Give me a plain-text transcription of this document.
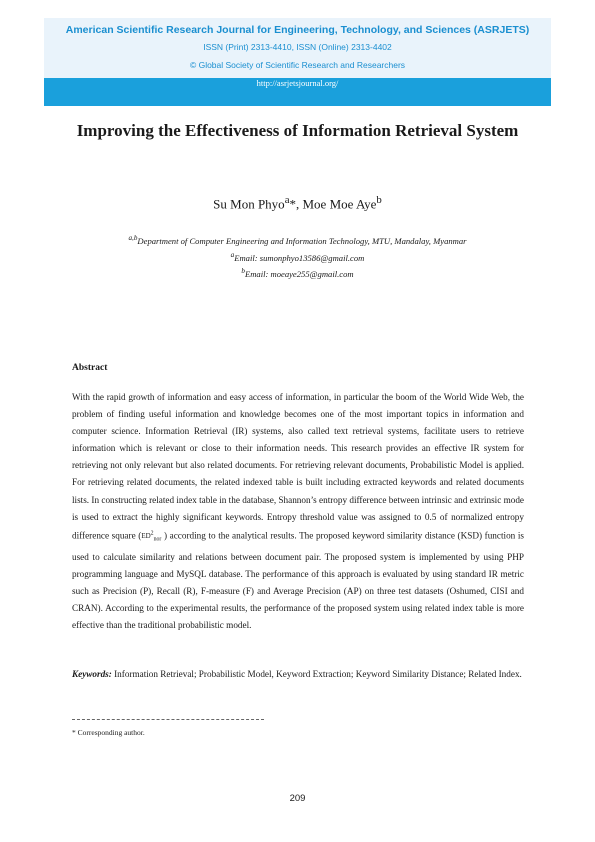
American Scientific Research Journal for Engineering, Technology, and Sciences (ASRJETS)
ISSN (Print) 2313-4410, ISSN (Online) 2313-4402
© Global Society of Scientific Research and Researchers
http://asrjetsjournal.org/
Improving the Effectiveness of Information Retrieval System
Su Mon Phyo$^a$*, Moe Moe Aye$^b$
$^{a,b}$Department of Computer Engineering and Information Technology, MTU, Mandalay, Myanmar
$^a$Email: sumonphyo13586@gmail.com
$^b$Email: moeaye255@gmail.com
Abstract

With the rapid growth of information and easy access of information, in particular the boom of the World Wide Web, the problem of finding useful information and knowledge becomes one of the most important topics in information and computer science. Information Retrieval (IR) systems, also called text retrieval systems, facilitate users to retrieve information which is relevant or close to their information needs. This research provides an effective IR system for retrieving not only relevant but also related documents. For retrieving relevant documents, Probabilistic Model is applied. For retrieving related documents, the related indexed table is built including extracted keywords and related documents lists. In constructing related index table in the database, Shannon’s entropy difference between intrinsic and extrinsic mode is used to extract the highly significant keywords. Entropy threshold value was assigned to 0.5 of normalized entropy difference square ($ED^2_{nor}$ ) according to the analytical results. The proposed keyword similarity distance (KSD) function is used to calculate similarity and relations between document pair. The proposed system is implemented by using PHP programming language and MySQL database. The performance of this approach is evaluated by using standard IR metric such as Precision (P), Recall (R), F-measure (F) and Average Precision (AP) on three test datasets (Oshumed, CISI and CRAN). According to the experimental results, the performance of the proposed system using related index table is more effective than the traditional probabilistic model.

Keywords: Information Retrieval; Probabilistic Model, Keyword Extraction; Keyword Similarity Distance; Related Index.

* Corresponding author.
209
